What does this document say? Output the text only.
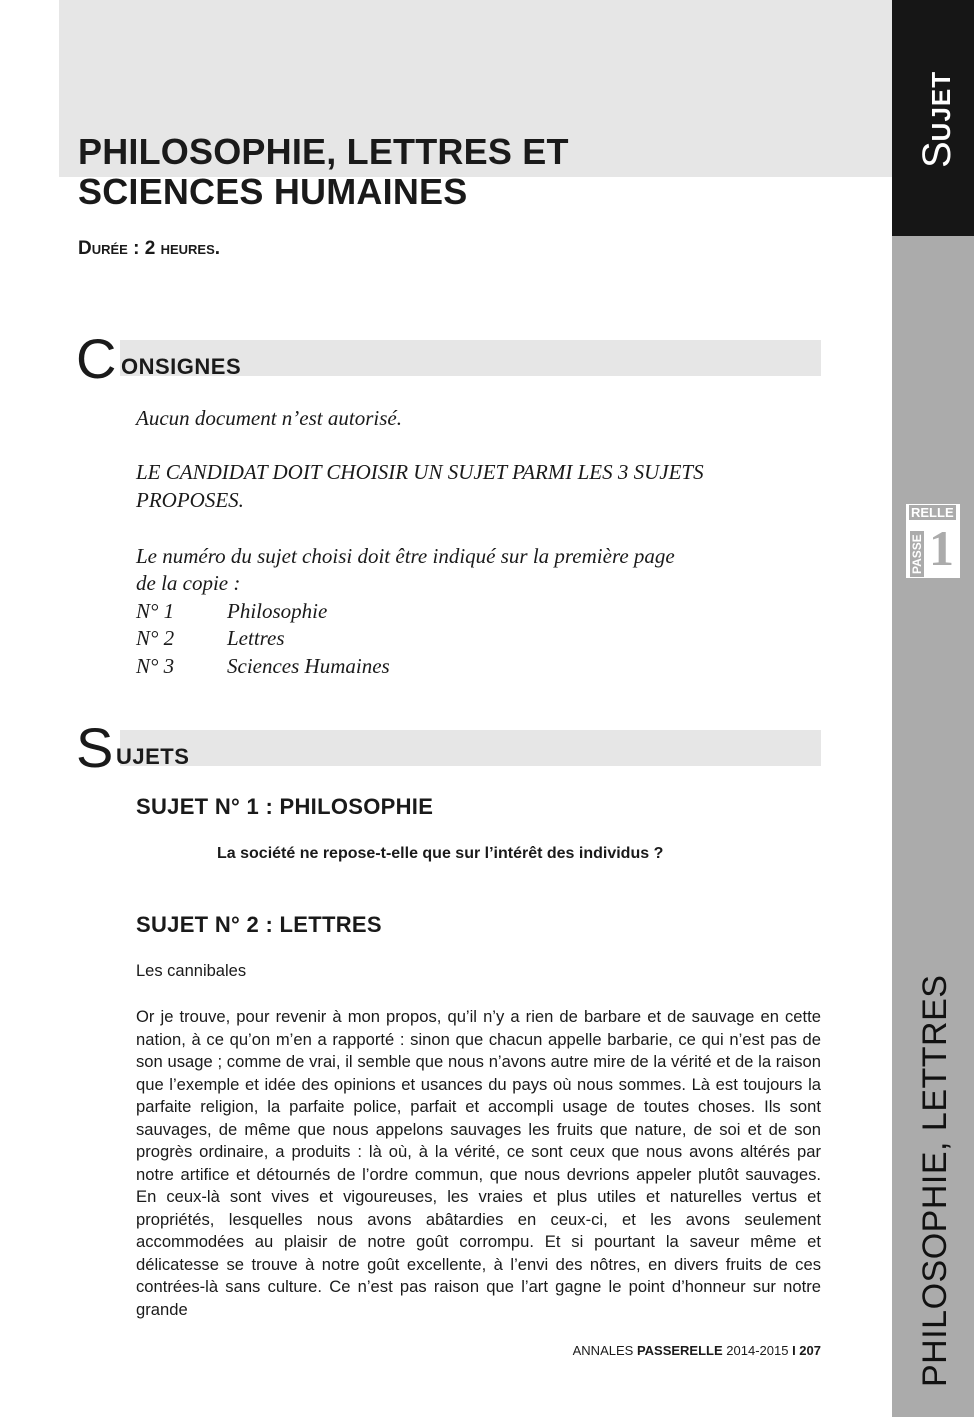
PHILOSOPHIE, LETTRES ET
SCIENCES HUMAINES
Durée : 2 heures.
C ONSIGNES
Aucun document n’est autorisé.
LE CANDIDAT DOIT CHOISIR UN SUJET PARMI LES 3 SUJETS
PROPOSES.
Le numéro du sujet choisi doit être indiqué sur la première page
de la copie :
N° 1	Philosophie
N° 2	Lettres
N° 3	Sciences Humaines
S UJETS
SUJET N° 1 : PHILOSOPHIE
La société ne repose-t-elle que sur l’intérêt des individus ?
SUJET N° 2 : LETTRES
Les cannibales

Or je trouve, pour revenir à mon propos, qu’il n’y a rien de barbare et de sauvage en cette nation, à ce qu’on m’en a rapporté : sinon que chacun appelle barbarie, ce qui n’est pas de son usage ; comme de vrai, il semble que nous n’avons autre mire de la vérité et de la raison que l’exemple et idée des opinions et usances du pays où nous sommes. Là est toujours la parfaite religion, la parfaite police, parfait et accompli usage de toutes choses. Ils sont sauvages, de même que nous appelons sauvages les fruits que nature, de soi et de son progrès ordinaire, a produits : là où, à la vérité, ce sont ceux que nous avons altérés par notre artifice et détournés de l’ordre commun, que nous devrions appeler plutôt sauvages. En ceux-là sont vives et vigoureuses, les vraies et plus utiles et naturelles vertus et propriétés, lesquelles nous avons abâtardies en ceux-ci, et les avons seulement accommodées au plaisir de notre goût corrompu. Et si pourtant la saveur même et délicatesse se trouve à notre goût excellente, à l’envi des nôtres, en divers fruits de ces contrées-là sans culture. Ce n’est pas raison que l’art gagne le point d’honneur sur notre grande

ANNALES PASSERELLE 2014-2015 I 207
SUJET
RELLE
PASSE 1
PHILOSOPHIE, LETTRES
